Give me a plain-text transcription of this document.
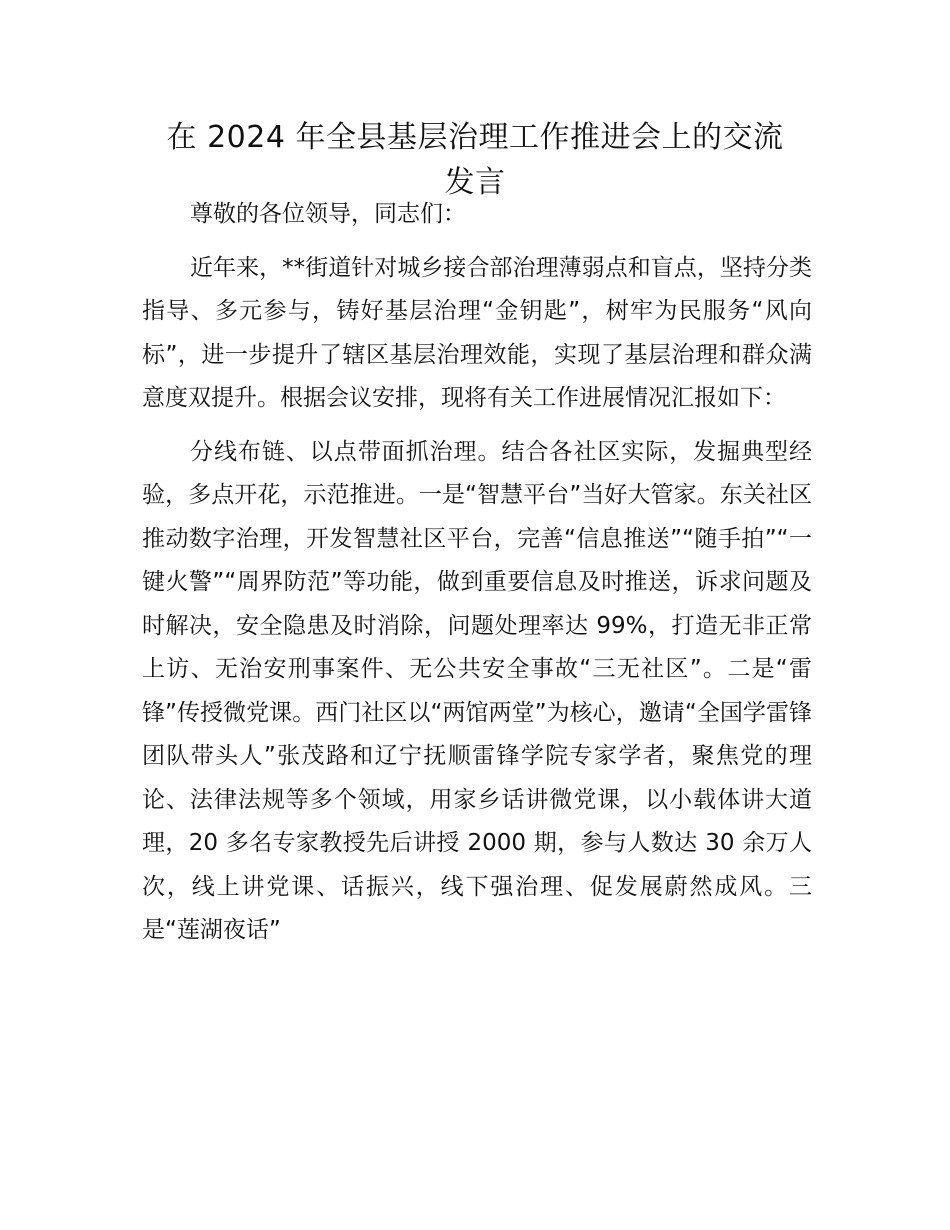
在 2024 年全县基层治理工作推进会上的交流
发言

尊敬的各位领导，同志们：

近年来，**街道针对城乡接合部治理薄弱点和盲点，坚持分类指导、多元参与，铸好基层治理“金钥匙”，树牢为民服务“风向标”，进一步提升了辖区基层治理效能，实现了基层治理和群众满意度双提升。根据会议安排，现将有关工作进展情况汇报如下：

分线布链、以点带面抓治理。结合各社区实际，发掘典型经验，多点开花，示范推进。一是“智慧平台”当好大管家。东关社区推动数字治理，开发智慧社区平台，完善“信息推送”“随手拍”“一键火警”“周界防范”等功能，做到重要信息及时推送，诉求问题及时解决，安全隐患及时消除，问题处理率达 99%，打造无非正常上访、无治安刑事案件、无公共安全事故“三无社区”。二是“雷锋”传授微党课。西门社区以“两馆两堂”为核心，邀请“全国学雷锋团队带头人”张茂路和辽宁抚顺雷锋学院专家学者，聚焦党的理论、法律法规等多个领域，用家乡话讲微党课，以小载体讲大道理，20 多名专家教授先后讲授 2000 期，参与人数达 30 余万人次，线上讲党课、话振兴，线下强治理、促发展蔚然成风。三是“莲湖夜话”
